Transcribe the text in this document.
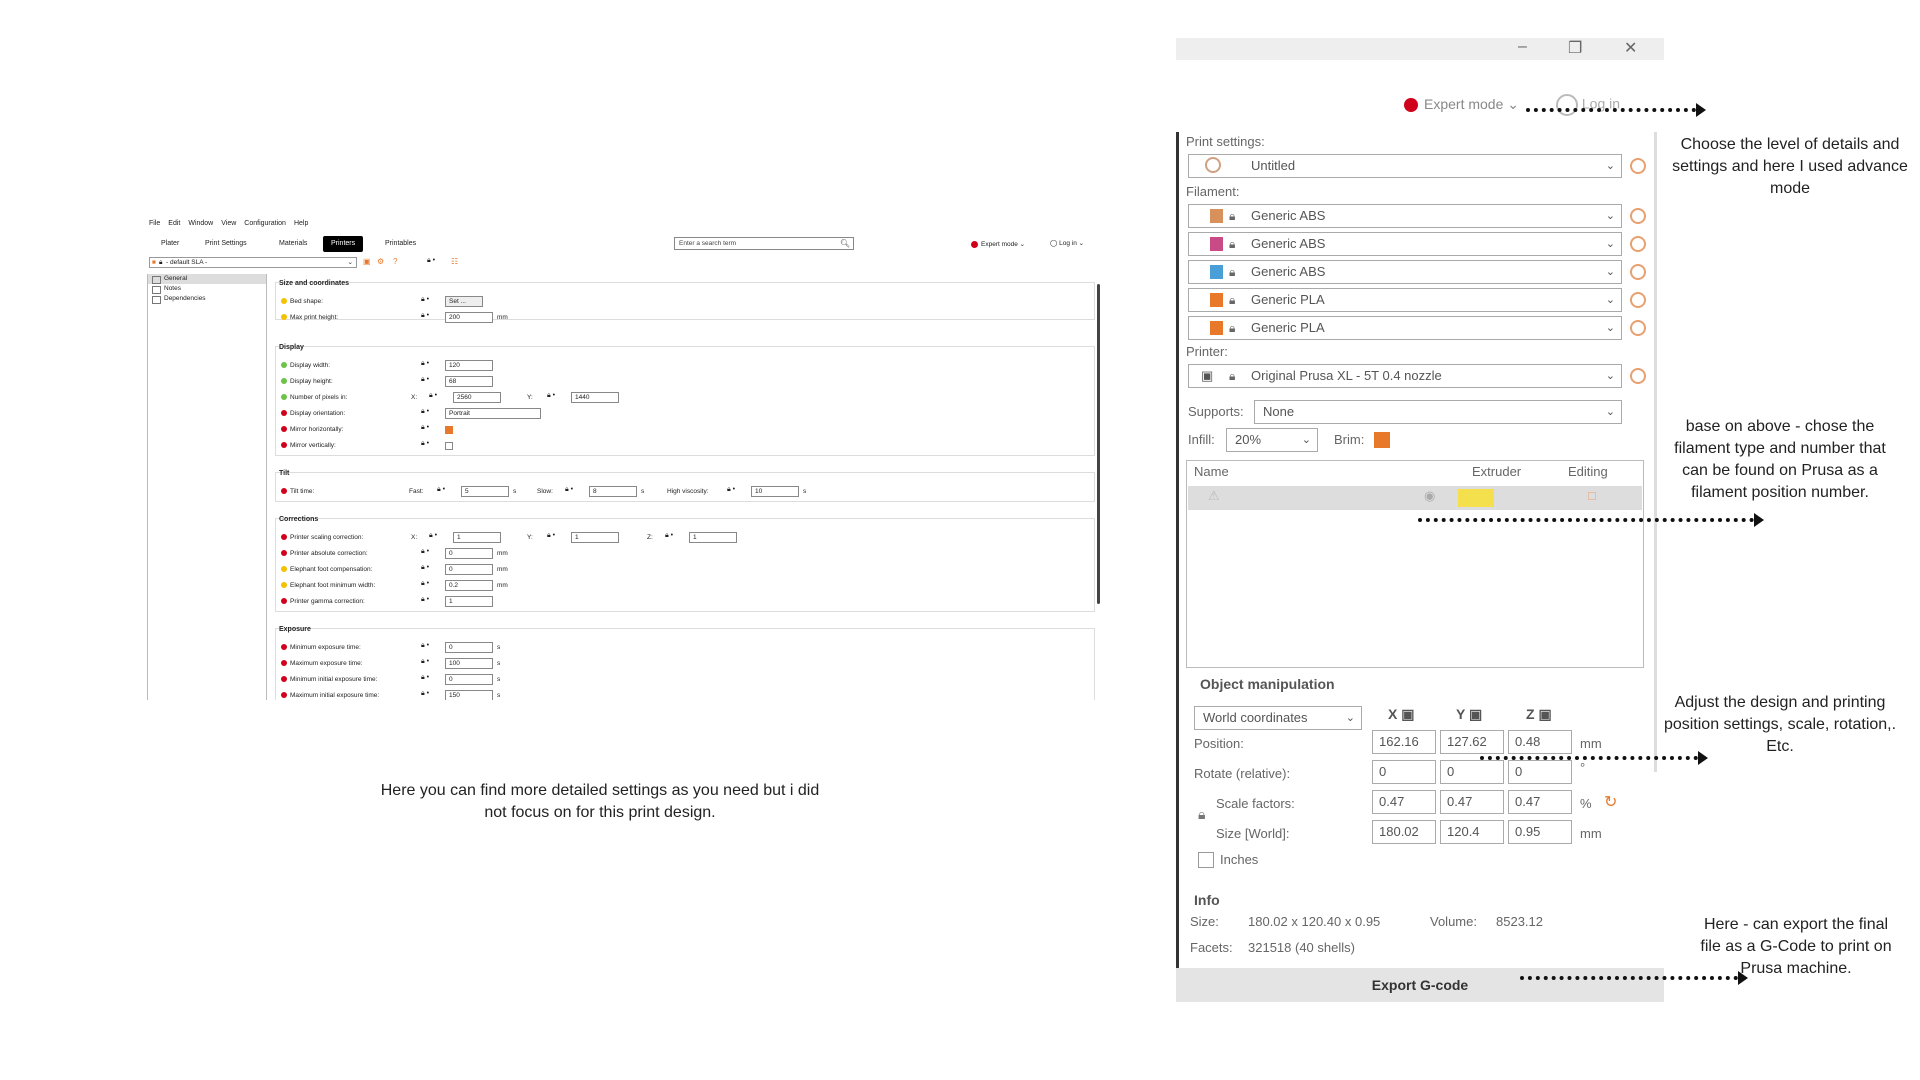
File Edit Window View Configuration Help
Plater	Print Settings	Materials	Printers	Printables	Enter a search term	🔍︎	Expert mode ⌄	◯ Log in ⌄
■ 🔒︎ - default SLA -	⌄ ▣ ⚙ ?	🔒︎ • ☷
General
Notes
Dependencies
Size and coordinates
Bed shape:	🔒︎ •	Set ...
Max print height:	🔒︎ •	200	mm
Display
Display width:	🔒︎ •	120
Display height:	🔒︎ •	68
Number of pixels in:	X: 🔒︎ •	2560	Y: 🔒︎ •	1440
Display orientation:	🔒︎ •	Portrait
Mirror horizontally:	🔒︎ •
Mirror vertically:	🔒︎ •
Tilt
Tilt time:	Fast: 🔒︎ •	5	s	Slow: 🔒︎ •	8	s	High viscosity:	🔒︎ •	10	s
Corrections
Printer scaling correction:	X: 🔒︎ •	1	Y: 🔒︎ •	1	Z: 🔒︎ •	1
Printer absolute correction:	🔒︎ •	0	mm
Elephant foot compensation:	🔒︎ •	0	mm
Elephant foot minimum width:	🔒︎ •	0.2	mm
Printer gamma correction:	🔒︎ •	1
Exposure
Minimum exposure time:	🔒︎ •	0	s
Maximum exposure time:	🔒︎ •	100	s
Minimum initial exposure time:	🔒︎ •	0	s
Maximum initial exposure time:	🔒︎ •	150	s
Here you can find more detailed settings as you need but i did not focus on for this print design.
–	❐	✕
Expert mode ⌄	Log in
Print settings:
Untitled	⌄
Filament:
Printer:
▣ 🔒︎ Original Prusa XL - 5T 0.4 nozzle	⌄
Supports:	None	⌄
Infill:	20%	⌄ Brim:
Name	Extruder	Editing
⚠	◉	□
Object manipulation
World coordinates	⌄ X ▣	Y ▣	Z ▣
Position:	162.16	127.62	0.48	mm
Rotate (relative):	0	0	0	°
🔒︎
Scale factors:	0.47	0.47	0.47	% ↻
Size [World]:	180.02	120.4	0.95	mm
Inches
Info
Size: 180.02 x 120.40 x 0.95	Volume: 8523.12
Facets: 321518 (40 shells)
Export G-code
🔒︎ Generic ABS	⌄
🔒︎ Generic ABS	⌄
🔒︎ Generic ABS	⌄
🔒︎ Generic PLA	⌄
🔒︎ Generic PLA	⌄
Choose the level of details and settings and here I used advance mode
base on above - chose the filament type and number that can be found on Prusa as a filament position number.
Adjust the design and printing position settings, scale, rotation,. Etc.
Here - can export the final file as a G-Code to print on Prusa machine.
